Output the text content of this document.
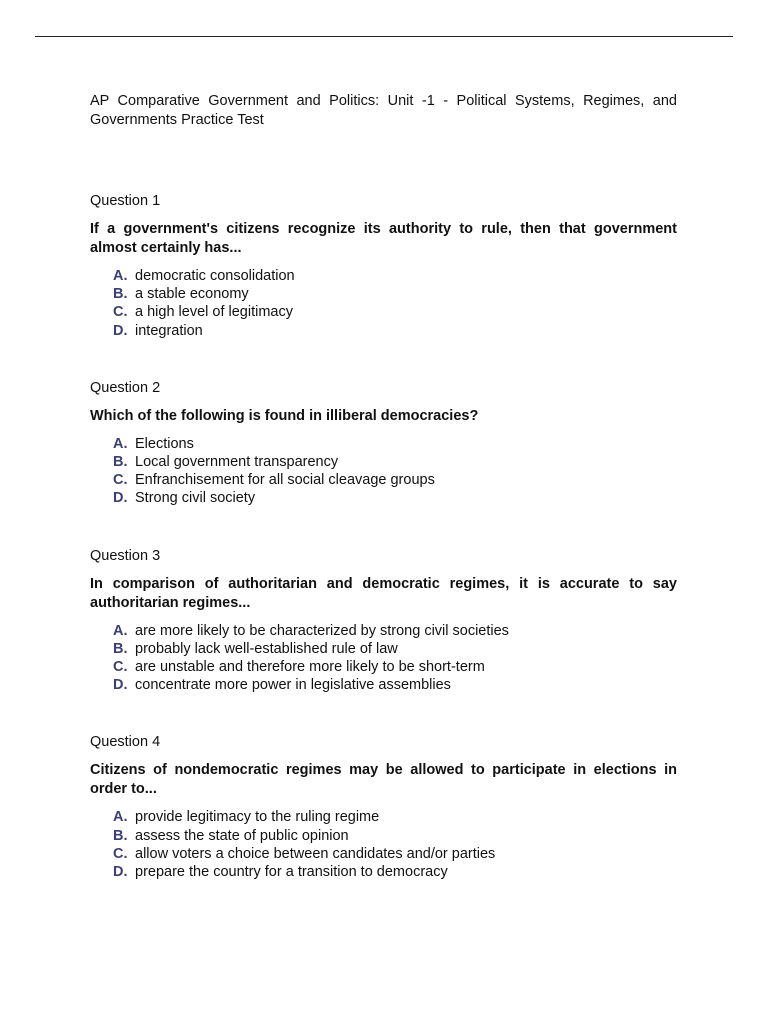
AP Comparative Government and Politics: Unit -1 - Political Systems, Regimes, and Governments Practice Test

Question 1

If a government's citizens recognize its authority to rule, then that government almost certainly has...

A. democratic consolidation
B. a stable economy
C. a high level of legitimacy
D. integration

Question 2

Which of the following is found in illiberal democracies?

A. Elections
B. Local government transparency
C. Enfranchisement for all social cleavage groups
D. Strong civil society

Question 3

In comparison of authoritarian and democratic regimes, it is accurate to say authoritarian regimes...

A. are more likely to be characterized by strong civil societies
B. probably lack well-established rule of law
C. are unstable and therefore more likely to be short-term
D. concentrate more power in legislative assemblies

Question 4

Citizens of nondemocratic regimes may be allowed to participate in elections in order to...

A. provide legitimacy to the ruling regime
B. assess the state of public opinion
C. allow voters a choice between candidates and/or parties
D. prepare the country for a transition to democracy
